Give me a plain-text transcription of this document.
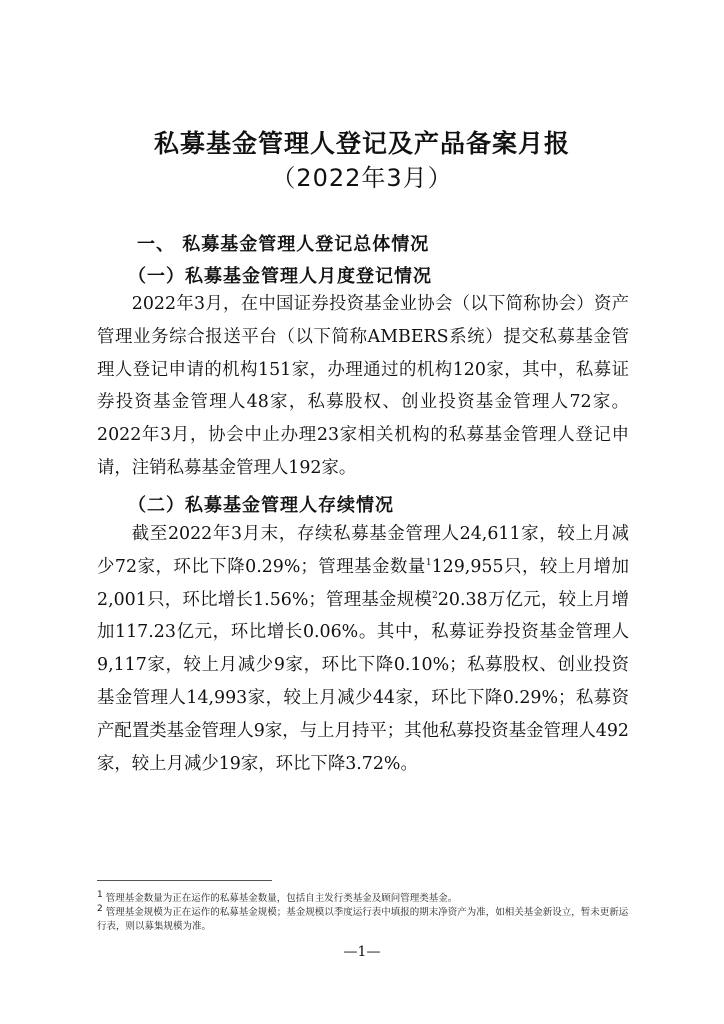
私募基金管理人登记及产品备案月报
（2022年3月）
一、 私募基金管理人登记总体情况
（一）私募基金管理人月度登记情况

2022年3月，在中国证券投资基金业协会（以下简称协会）资产管理业务综合报送平台（以下简称AMBERS系统）提交私募基金管理人登记申请的机构151家，办理通过的机构120家，其中，私募证券投资基金管理人48家，私募股权、创业投资基金管理人72家。2022年3月，协会中止办理23家相关机构的私募基金管理人登记申请，注销私募基金管理人192家。

（二）私募基金管理人存续情况

截至2022年3月末，存续私募基金管理人24,611家，较上月减少72家，环比下降0.29%；管理基金数量$^1$129,955只，较上月增加2,001只，环比增长1.56%；管理基金规模$^2$20.38万亿元，较上月增加117.23亿元，环比增长0.06%。其中，私募证券投资基金管理人9,117家，较上月减少9家，环比下降0.10%；私募股权、创业投资基金管理人14,993家，较上月减少44家，环比下降0.29%；私募资产配置类基金管理人9家，与上月持平；其他私募投资基金管理人492家，较上月减少19家，环比下降3.72%。

$^1$ 管理基金数量为正在运作的私募基金数量，包括自主发行类基金及顾问管理类基金。

$^2$ 管理基金规模为正在运作的私募基金规模；基金规模以季度运行表中填报的期末净资产为准，如相关基金新设立，暂未更新运行表，则以募集规模为准。

—1—
